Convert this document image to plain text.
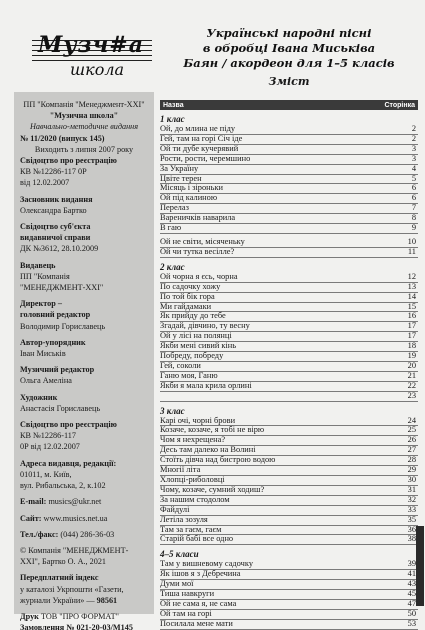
Музч#а
школа
ПП "Компанія "Менеджмент-ХХІ"
"Музична школа"
Навчально-методичне видання
№ 11/2020 (випуск 145)
Виходить з липня 2007 року
Свідоцтво про реєстрацію
КВ №12286-117 0Р
від 12.02.2007
Засновник видання
Олександра Бартко
Свідоцтво суб'єкта
видавничої справи
ДК №3612, 28.10.2009
Видавець
ПП "Компанія
"МЕНЕДЖМЕНТ-ХХІ"
Директор –
головний редактор
Володимир Гориславець
Автор-упорядник
Іван Миськів
Музичний редактор
Ольга Амеліна
Художник
Анастасія Гориславець
Свідоцтво про реєстрацію
КВ №12286-117
0Р від 12.02.2007
Адреса видавця, редакції:
01011, м. Київ,
вул. Рибальська, 2, к.102
E-mail: musics@ukr.net
Сайт: www.musics.net.ua
Тел./факс: (044) 286-36-03
© Компанія "МЕНЕДЖМЕНТ-
ХХІ", Бартко О. А., 2021
Передплатний індекс
у каталозі Укрпошти «Газети,
журнали України» — 98561
Друк ТОВ "ПРО ФОРМАТ"
Замовлення № 021-20-03/М145
Українські народні пісні
в обробці Івана Миськіва
Баян / акордеон для 1–5 класів
Зміст
Назва	Сторінка
1 клас
Ой, до млина не піду	2
Гей, там на горі Січ іде	2
Ой ти дубе кучерявий	3
Рости, рости, черемшино	3
За Україну	4
Цвіте терен	5
Місяць і зіроньки	6
Ой під калиною	6
Перелаз	7
Вареничків наварила	8
В гаю	9
Ой не світи, місяченьку	10
Ой чи тутка весілле?	11
2 клас
Ой чорна я єсь, чорна	12
По садочку хожу	13
По той бік гора	14
Ми гайдамаки	15
Як прийду до тебе	16
Згадай, дівчино, ту весну	17
Ой у лісі на полянці	17
Якби мені сивий кінь	18
Побреду, побреду	19
Гей, соколи	20
Ганю моя, Ганю	21
Якби я мала крила орлині	22
23
3 клас
Карі очі, чорні брови	24
Козаче, козаче, я тобі не вірю	25
Чом я нехрещена?	26
Десь там далеко на Волині	27
Стоїть дівча над бистрою водою	28
Многії літа	29
Хлопці-риболовці	30
Чому, козаче, сумний ходиш?	31
За нашим стодолом	32
Файдулі	33
Летіла зозуля	35
Там за гаєм, гаєм	36
Старій бабі все одно	38
4–5 класи
Там у вишневому садочку	39
Як ішов я з Дебречина	41
Думи мої	43
Тиша навкруги	45
Ой не сама я, не сама	47
Ой там на горі	50
Посилала мене мати	53
